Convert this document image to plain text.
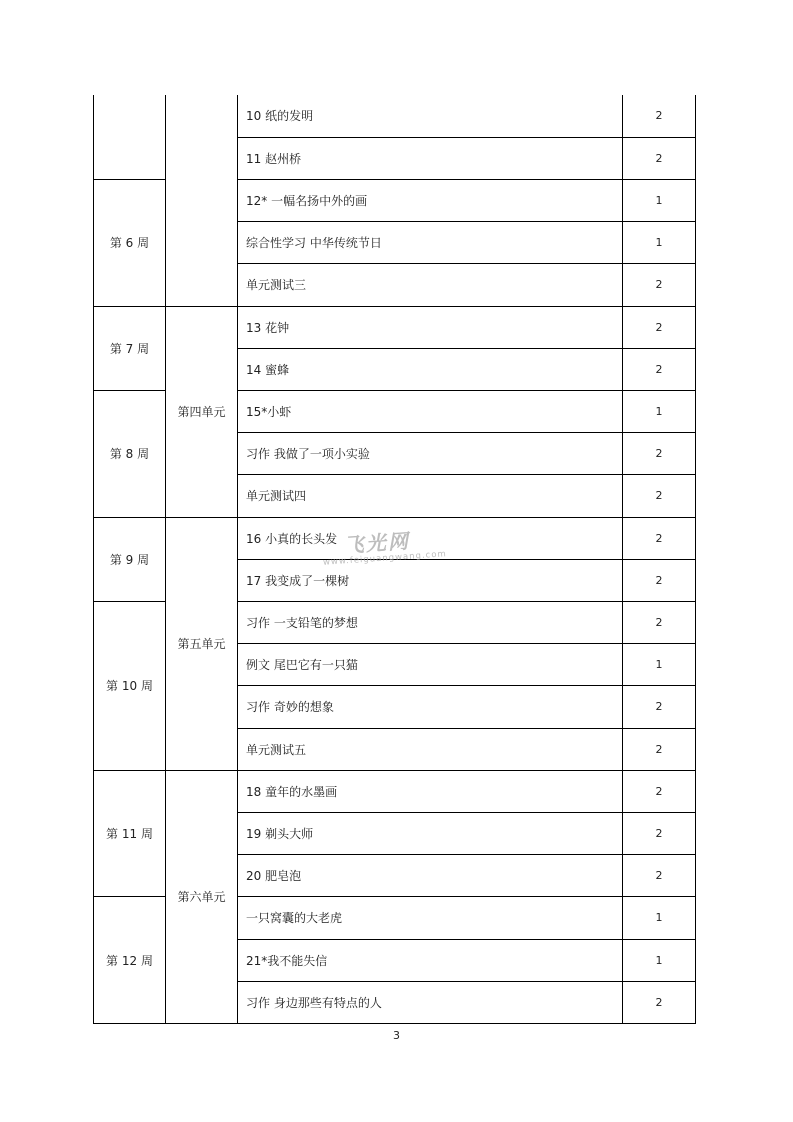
		10 纸的发明	2
		11 赵州桥	2
第 6 周		12* 一幅名扬中外的画	1
		综合性学习 中华传统节日	1
		单元测试三	2
第 7 周	第四单元	13 花钟	2
		14 蜜蜂	2
第 8 周		15*小虾	1
		习作 我做了一项小实验	2
		单元测试四	2
第 9 周	第五单元	16 小真的长头发	2
		17 我变成了一棵树	2
第 10 周		习作 一支铅笔的梦想	2
		例文 尾巴它有一只猫	1
		习作 奇妙的想象	2
		单元测试五	2
第 11 周	第六单元	18 童年的水墨画	2
		19 剃头大师	2
		20 肥皂泡	2
第 12 周		一只窝囊的大老虎	1
		21*我不能失信	1
		习作 身边那些有特点的人	2
飞光网
www.feiguangwang.com
3
